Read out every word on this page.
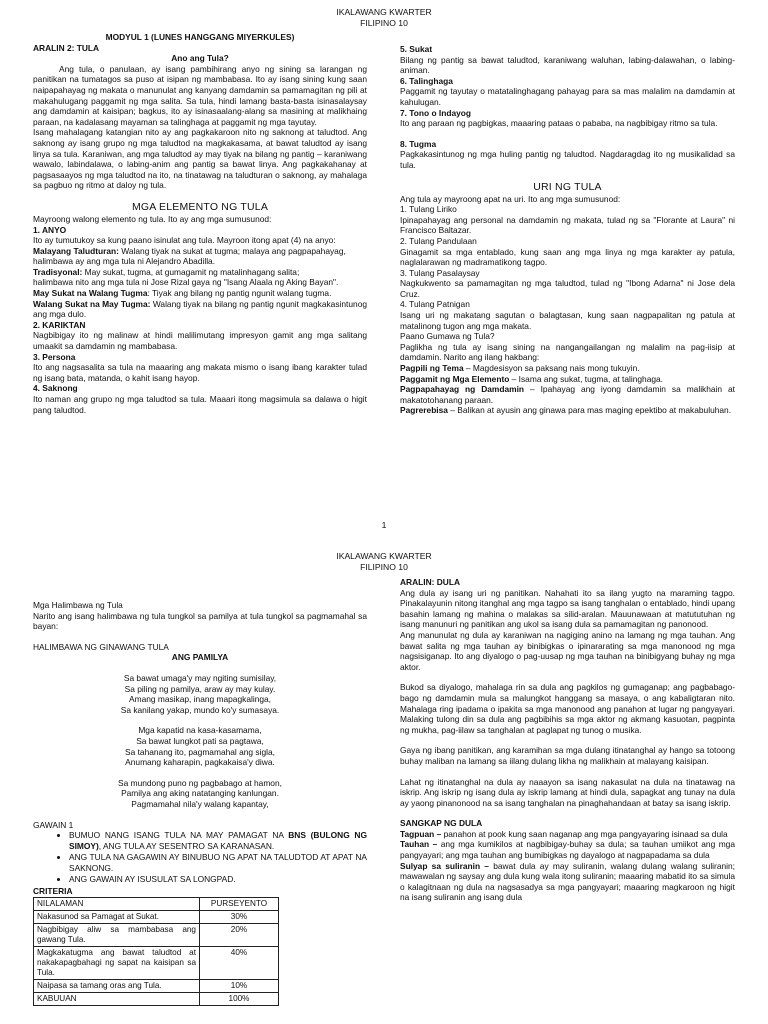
IKALAWANG KWARTER
FILIPINO 10

MODYUL 1 (LUNES HANGGANG MIYERKULES)

ARALIN 2: TULA

Ano ang Tula?

Ang tula, o panulaan, ay isang pambihirang anyo ng sining sa larangan ng panitikan na tumatagos sa puso at isipan ng mambabasa. Ito ay isang sining kung saan naipapahayag ng makata o manunulat ang kanyang damdamin sa pamamagitan ng pili at makahulugang paggamit ng mga salita. Sa tula, hindi lamang basta-basta isinasalaysay ang damdamin at kaisipan; bagkus, ito ay isinasaalang-alang sa masining at malikhaing paraan, na kadalasang mayaman sa talinghaga at paggamit ng mga tayutay.

Isang mahalagang katangian nito ay ang pagkakaroon nito ng saknong at taludtod. Ang saknong ay isang grupo ng mga taludtod na magkakasama, at bawat taludtod ay isang linya sa tula. Karaniwan, ang mga taludtod ay may tiyak na bilang ng pantig – karaniwang wawalo, labindalawa, o labing-anim ang pantig sa bawat linya. Ang pagkakahanay at pagsasaayos ng mga taludtod na ito, na tinatawag na taludturan o saknong, ay mahalaga sa pagbuo ng ritmo at daloy ng tula.

MGA ELEMENTO NG TULA

Mayroong walong elemento ng tula. Ito ay ang mga sumusunod:

1. ANYO

Ito ay tumutukoy sa kung paano isinulat ang tula. Mayroon itong apat (4) na anyo:

Malayang Taludturan: Walang tiyak na sukat at tugma; malaya ang pagpapahayag,

halimbawa ay ang mga tula ni Alejandro Abadilla.

Tradisyonal: May sukat, tugma, at gumagamit ng matalinhagang salita;

halimbawa nito ang mga tula ni Jose Rizal gaya ng "Isang Alaala ng Aking Bayan".

May Sukat na Walang Tugma: Tiyak ang bilang ng pantig ngunit walang tugma.

Walang Sukat na May Tugma: Walang tiyak na bilang ng pantig ngunit magkakasintunog ang mga dulo.

2. KARIKTAN

Nagbibigay ito ng malinaw at hindi malilimutang impresyon gamit ang mga salitang umaakit sa damdamin ng mambabasa.

3. Persona

Ito ang nagsasalita sa tula na maaaring ang makata mismo o isang ibang karakter tulad ng isang bata, matanda, o kahit isang hayop.

4. Saknong

Ito naman ang grupo ng mga taludtod sa tula. Maaari itong magsimula sa dalawa o higit pang taludtod.

5. Sukat

Bilang ng pantig sa bawat taludtod, karaniwang waluhan, labing-dalawahan, o labing-animan.

6. Talinghaga

Paggamit ng tayutay o matatalinghagang pahayag para sa mas malalim na damdamin at kahulugan.

7. Tono o Indayog

Ito ang paraan ng pagbigkas, maaaring pataas o pababa, na nagbibigay ritmo sa tula.

8. Tugma

Pagkakasintunog ng mga huling pantig ng taludtod. Nagdaragdag ito ng musikalidad sa tula.

URI NG TULA

Ang tula ay mayroong apat na uri. Ito ang mga sumusunod:

1. Tulang Liriko

Ipinapahayag ang personal na damdamin ng makata, tulad ng sa "Florante at Laura" ni Francisco Baltazar.

2. Tulang Pandulaan

Ginagamit sa mga entablado, kung saan ang mga linya ng mga karakter ay patula, naglalarawan ng madramatikong tagpo.

3. Tulang Pasalaysay

Nagkukwento sa pamamagitan ng mga taludtod, tulad ng "Ibong Adarna" ni Jose dela Cruz.

4. Tulang Patnigan

Isang uri ng makatang sagutan o balagtasan, kung saan nagpapalitan ng patula at matalinong tugon ang mga makata.

Paano Gumawa ng Tula?

Paglikha ng tula ay isang sining na nangangailangan ng malalim na pag-iisip at damdamin. Narito ang ilang hakbang:

Pagpili ng Tema – Magdesisyon sa paksang nais mong tukuyin.

Paggamit ng Mga Elemento – Isama ang sukat, tugma, at talinghaga.

Pagpapahayag ng Damdamin – Ipahayag ang iyong damdamin sa malikhain at makatotohanang paraan.

Pagrerebisa – Balikan at ayusin ang ginawa para mas maging epektibo at makabuluhan.

1
IKALAWANG KWARTER
FILIPINO 10

Mga Halimbawa ng Tula

Narito ang isang halimbawa ng tula tungkol sa pamilya at tula tungkol sa pagmamahal sa bayan:

HALIMBAWA NG GINAWANG TULA

ANG PAMILYA

Sa bawat umaga'y may ngiting sumisilay,

Sa piling ng pamilya, araw ay may kulay.

Amang masikap, inang mapagkalinga,

Sa kanilang yakap, mundo ko'y sumasaya.

Mga kapatid na kasa-kasamama,

Sa bawat lungkot pati sa pagtawa,

Sa tahanang ito, pagmamahal ang sigla,

Anumang kaharapin, pagkakaisa'y diwa.

Sa mundong puno ng pagbabago at hamon,

Pamilya ang aking natatanging kanlungan.

Pagmamahal nila'y walang kapantay,

GAWAIN 1

• BUMUO NANG ISANG TULA NA MAY PAMAGAT NA BNS (BULONG NG SIMOY), ANG TULA AY SESENTRO SA KARANASAN.
• ANG TULA NA GAGAWIN AY BINUBUO NG APAT NA TALUDTOD AT APAT NA SAKNONG.
• ANG GAWAIN AY ISUSULAT SA LONGPAD.

CRITERIA

NILALAMAN	PURSEYENTO
Nakasunod sa Pamagat at Sukat.	30%
Nagbibigay aliw sa mambabasa ang gawang Tula.	20%
Magkakatugma ang bawat taludtod at nakakapagbahagi ng sapat na kaisipan sa Tula.	40%
Naipasa sa tamang oras ang Tula.	10%
KABUUAN	100%

ARALIN: DULA

Ang dula ay isang uri ng panitikan. Nahahati ito sa ilang yugto na maraming tagpo. Pinakalayunin nitong itanghal ang mga tagpo sa isang tanghalan o entablado, hindi upang basahin lamang ng mahina o malakas sa silid-aralan. Mauunawaan at matututuhan ng isang manunuri ng panitikan ang ukol sa isang dula sa pamamagitan ng panonood.

Ang manunulat ng dula ay karaniwan na nagiging anino na lamang ng mga tauhan. Ang bawat salita ng mga tauhan ay binibigkas o ipinararating sa mga manonood ng mga nagsisiganap. Ito ang diyalogo o pag-uusap ng mga tauhan na binibigyang buhay ng mga aktor.

Bukod sa diyalogo, mahalaga rin sa dula ang pagkilos ng gumaganap; ang pagbabago-bago ng damdamin mula sa malungkot hanggang sa masaya, o ang kabaligtaran nito. Mahalaga ring ipadama o ipakita sa mga manonood ang panahon at lugar ng pangyayari. Malaking tulong din sa dula ang pagbibihis sa mga aktor ng akmang kasuotan, pagpinta ng mukha, pag-iilaw sa tanghalan at paglapat ng tunog o musika.

Gaya ng ibang panitikan, ang karamihan sa mga dulang itinatanghal ay hango sa totoong buhay maliban na lamang sa iilang dulang likha ng malikhain at malayang kaisipan.

Lahat ng itinatanghal na dula ay naaayon sa isang nakasulat na dula na tinatawag na iskrip. Ang iskrip ng isang dula ay iskrip lamang at hindi dula, sapagkat ang tunay na dula ay yaong pinanonood na sa isang tanghalan na pinaghahandaan at batay sa isang iskrip.

SANGKAP NG DULA

Tagpuan – panahon at pook kung saan naganap ang mga pangyayaring isinaad sa dula

Tauhan – ang mga kumikilos at nagbibigay-buhay sa dula; sa tauhan umiikot ang mga pangyayari; ang mga tauhan ang bumibigkas ng dayalogo at nagpapadama sa dula

Sulyap sa suliranin – bawat dula ay may suliranin, walang dulang walang suliranin; mawawalan ng saysay ang dula kung wala itong suliranin; maaaring mabatid ito sa simula o kalagitnaan ng dula na nagsasadya sa mga pangyayari; maaaring magkaroon ng higit na isang suliranin ang isang dula
